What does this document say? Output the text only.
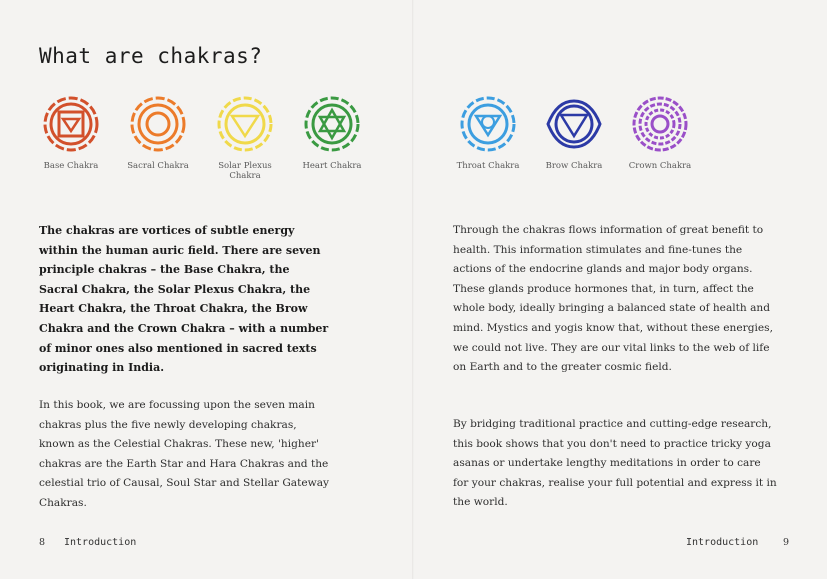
What are chakras?
Base Chakra	Sacral Chakra	Solar Plexus Chakra
Heart Chakra	Throat Chakra	Brow Chakra	Crown Chakra
The chakras are vortices of subtle energy within the human auric field. There are seven principle chakras – the Base Chakra, the Sacral Chakra, the Solar Plexus Chakra, the Heart Chakra, the Throat Chakra, the Brow Chakra and the Crown Chakra – with a number of minor ones also mentioned in sacred texts originating in India.
In this book, we are focussing upon the seven main chakras plus the five newly developing chakras, known as the Celestial Chakras. These new, 'higher' chakras are the Earth Star and Hara Chakras and the celestial trio of Causal, Soul Star and Stellar Gateway Chakras.
Through the chakras flows information of great benefit to health. This information stimulates and fine-tunes the actions of the endocrine glands and major body organs. These glands produce hormones that, in turn, affect the whole body, ideally bringing a balanced state of health and mind. Mystics and yogis know that, without these energies, we could not live. They are our vital links to the web of life on Earth and to the greater cosmic field.
By bridging traditional practice and cutting-edge research, this book shows that you don't need to practice tricky yoga asanas or undertake lengthy meditations in order to care for your chakras, realise your full potential and express it in the world.
8 Introduction	Introduction	9
